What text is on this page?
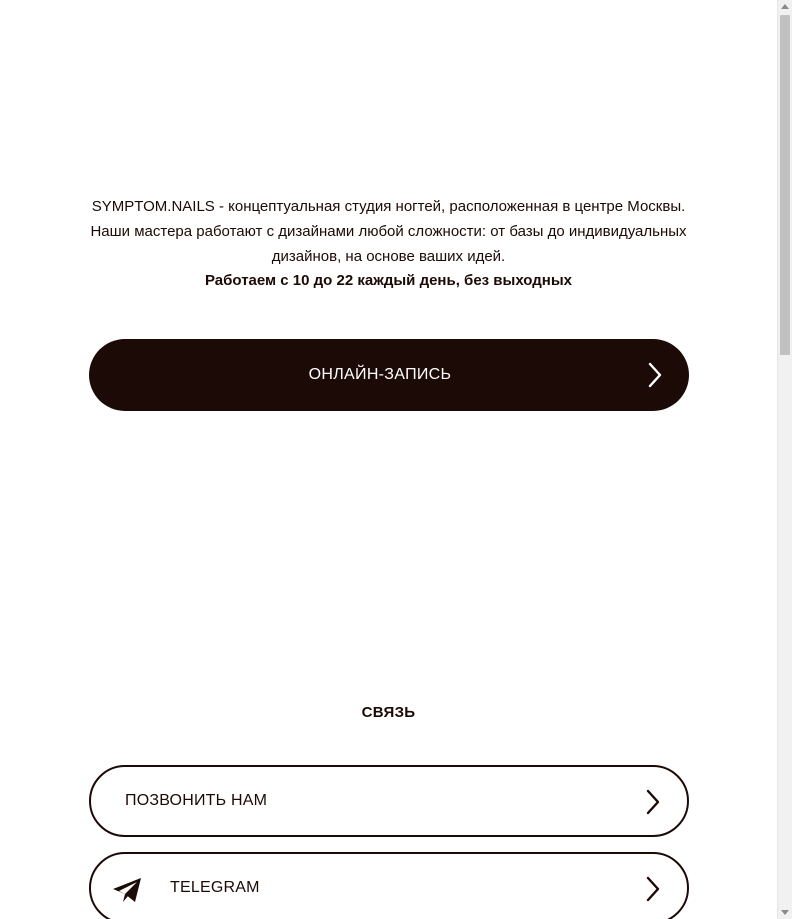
SYMPTOM.NAILS - концептуальная студия ногтей, расположенная в центре Москвы. Наши мастера работают с дизайнами любой сложности: от базы до индивидуальных дизайнов, на основе ваших идей.

Работаем с 10 до 22 каждый день, без выходных

ОНЛАЙН-ЗАПИСЬ
СВЯЗЬ
ПОЗВОНИТЬ НАМ
TELEGRAM
